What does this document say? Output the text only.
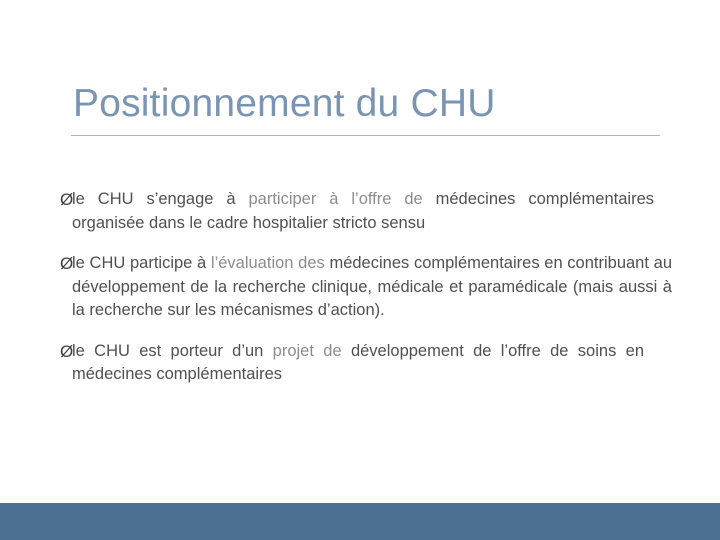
Positionnement du CHU
Ø

le CHU s’engage à participer à l’offre de médecines complémentaires organisée dans le cadre hospitalier stricto sensu

Ø

le CHU participe à l’évaluation des médecines complémentaires en contribuant au développement de la recherche clinique, médicale et paramédicale (mais aussi à la recherche sur les mécanismes d’action).

Ø

le CHU est porteur d’un projet de développement de l’offre de soins en médecines complémentaires
